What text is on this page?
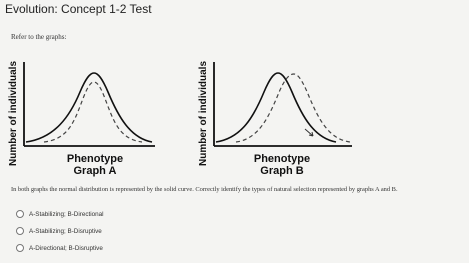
Evolution: Concept 1-2 Test
Refer to the graphs:
Number of individuals	Phenotype
Graph A
Number of individuals	Phenotype
Graph B
In both graphs the normal distribution is represented by the solid curve. Correctly identify the types of natural selection represented by graphs A and B.
A-Stabilizing; B-Directional
A-Stabilizing; B-Disruptive
A-Directional; B-Disruptive
